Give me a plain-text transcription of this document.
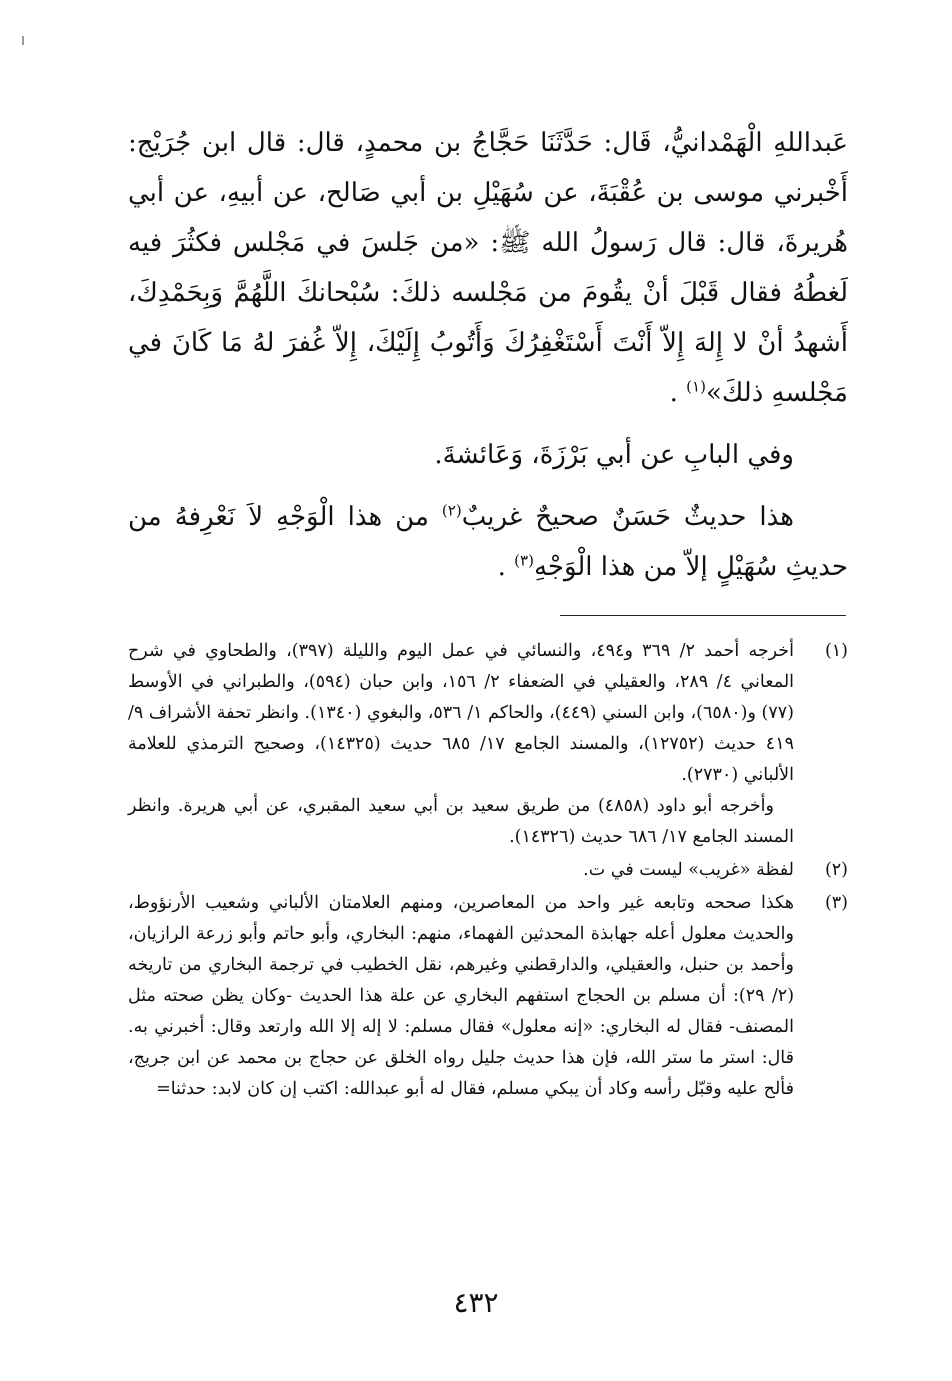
عَبداللهِ الْهَمْدانيُّ، قَال: حَدَّثَنَا حَجَّاجُ بن محمدٍ، قال: قال ابن جُرَيْج: أَخْبرني موسى بن عُقْبَةَ، عن سُهَيْلِ بن أبي صَالح، عن أبيهِ، عن أبي هُريرةَ، قال: قال رَسولُ الله ﷺ: «من جَلسَ في مَجْلس فكثُرَ فيه لَغطُهُ فقال قَبْلَ أنْ يقُومَ من مَجْلسه ذلكَ: سُبْحانكَ اللَّهُمَّ وَبِحَمْدِكَ، أَشهدُ أنْ لا إِلهَ إِلاّ أَنْتَ أَسْتَغْفِرُكَ وَأَتُوبُ إِلَيْكَ، إِلاّ غُفرَ لهُ مَا كَانَ في مَجْلسهِ ذلكَ»$^{(١)}$ .

وفي البابِ عن أبي بَرْزَةَ، وَعَائشةَ.

هذا حديثٌ حَسَنٌ صحيحٌ غريبٌ$^{(٢)}$ من هذا الْوَجْهِ لاَ نَعْرِفهُ من حديثِ سُهَيْلٍ إلاّ من هذا الْوَجْهِ$^{(٣)}$ .

(١)

أخرجه أحمد ٢/ ٣٦٩ و٤٩٤، والنسائي في عمل اليوم والليلة (٣٩٧)، والطحاوي في شرح المعاني ٤/ ٢٨٩، والعقيلي في الضعفاء ٢/ ١٥٦، وابن حبان (٥٩٤)، والطبراني في الأوسط (٧٧) و(٦٥٨٠)، وابن السني (٤٤٩)، والحاكم ١/ ٥٣٦، والبغوي (١٣٤٠). وانظر تحفة الأشراف ٩/ ٤١٩ حديث (١٢٧٥٢)، والمسند الجامع ١٧/ ٦٨٥ حديث (١٤٣٢٥)، وصحيح الترمذي للعلامة الألباني (٢٧٣٠).

وأخرجه أبو داود (٤٨٥٨) من طريق سعيد بن أبي سعيد المقبري، عن أبي هريرة. وانظر المسند الجامع ١٧/ ٦٨٦ حديث (١٤٣٢٦).

(٢)

لفظة «غريب» ليست في ت.

(٣)

هكذا صححه وتابعه غير واحد من المعاصرين، ومنهم العلامتان الألباني وشعيب الأرنؤوط، والحديث معلول أعله جهابذة المحدثين الفهماء، منهم: البخاري، وأبو حاتم وأبو زرعة الرازيان، وأحمد بن حنبل، والعقيلي، والدارقطني وغيرهم، نقل الخطيب في ترجمة البخاري من تاريخه (٢/ ٢٩): أن مسلم بن الحجاج استفهم البخاري عن علة هذا الحديث -وكان يظن صحته مثل المصنف- فقال له البخاري: «إنه معلول» فقال مسلم: لا إله إلا الله وارتعد وقال: أخبرني به. قال: استر ما ستر الله، فإن هذا حديث جليل رواه الخلق عن حجاج بن محمد عن ابن جريج، فألح عليه وقبّل رأسه وكاد أن يبكي مسلم، فقال له أبو عبدالله: اكتب إن كان لابد: حدثنا=

٤٣٢
